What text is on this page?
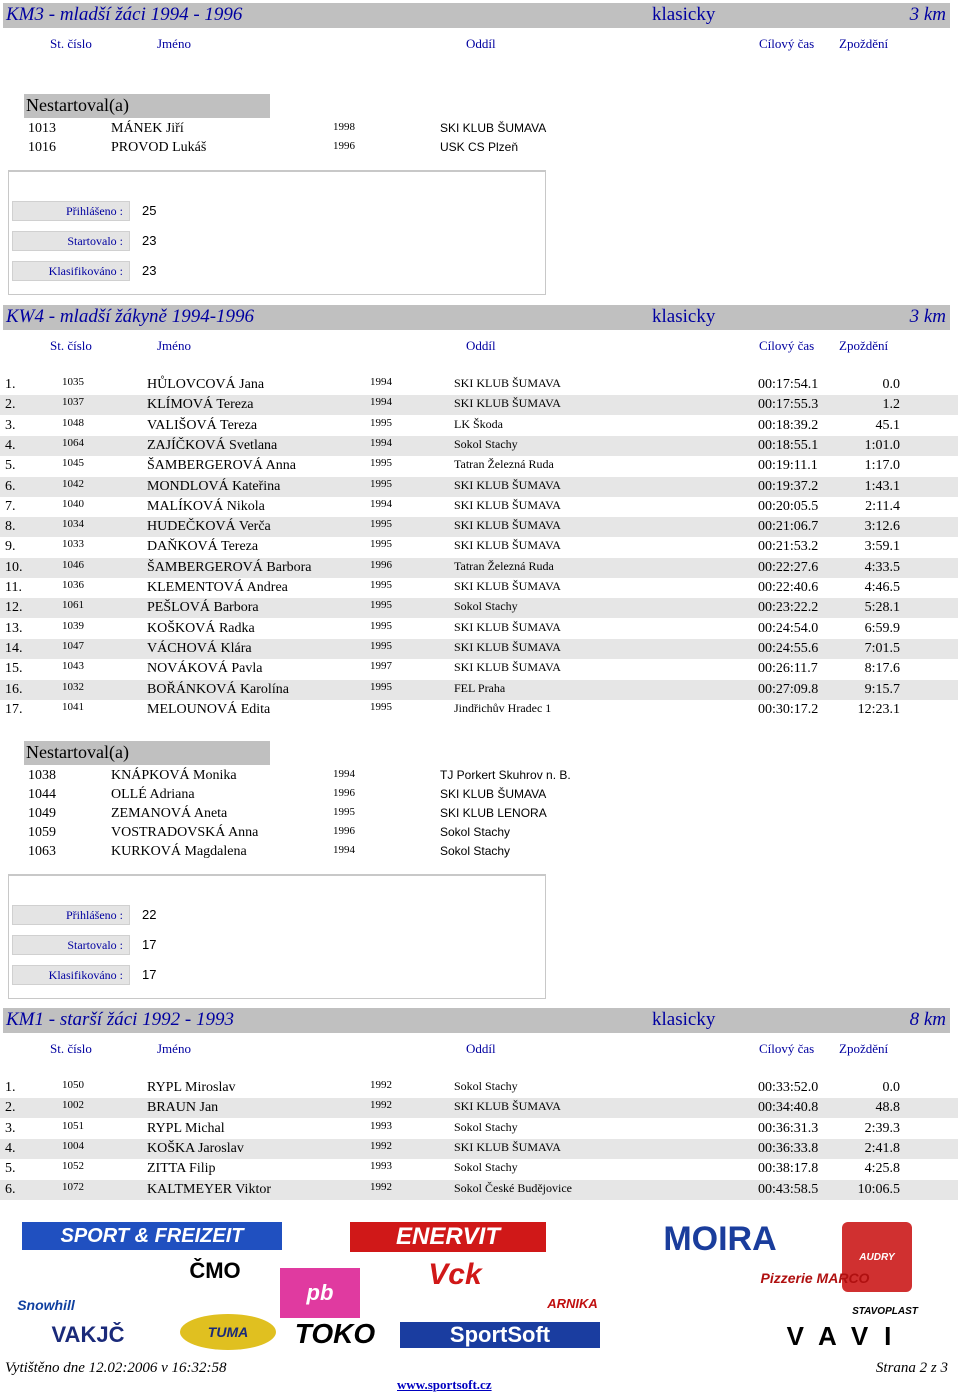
KM3 - mladší žáci 1994 - 1996	klasicky	3 km
St. číslo	Jméno	Oddíl	Cílový čas Zpoždění
Nestartoval(a)
1013	MÁNEK Jiří	1998	SKI KLUB ŠUMAVA
1016	PROVOD Lukáš	1996	USK CS Plzeň
Přihlášeno :	25
Startovalo :	23
Klasifikováno :	23
KW4 - mladší žákyně 1994-1996	klasicky	3 km
St. číslo	Jméno	Oddíl	Cílový čas Zpoždění
1.	1035	HŮLOVCOVÁ Jana	1994	SKI KLUB ŠUMAVA	00:17:54.1	0.0
2.	1037	KLÍMOVÁ Tereza	1994	SKI KLUB ŠUMAVA	00:17:55.3	1.2
3.	1048	VALIŠOVÁ Tereza	1995	LK Škoda	00:18:39.2	45.1
4.	1064	ZAJÍČKOVÁ Svetlana	1994	Sokol Stachy	00:18:55.1	1:01.0
5.	1045	ŠAMBERGEROVÁ Anna	1995	Tatran Železná Ruda	00:19:11.1	1:17.0
6.	1042	MONDLOVÁ Kateřina	1995	SKI KLUB ŠUMAVA	00:19:37.2	1:43.1
7.	1040	MALÍKOVÁ Nikola	1994	SKI KLUB ŠUMAVA	00:20:05.5	2:11.4
8.	1034	HUDEČKOVÁ Verča	1995	SKI KLUB ŠUMAVA	00:21:06.7	3:12.6
9.	1033	DAŇKOVÁ Tereza	1995	SKI KLUB ŠUMAVA	00:21:53.2	3:59.1
10.	1046	ŠAMBERGEROVÁ Barbora	1996	Tatran Železná Ruda	00:22:27.6	4:33.5
11.	1036	KLEMENTOVÁ Andrea	1995	SKI KLUB ŠUMAVA	00:22:40.6	4:46.5
12.	1061	PEŠLOVÁ Barbora	1995	Sokol Stachy	00:23:22.2	5:28.1
13.	1039	KOŠKOVÁ Radka	1995	SKI KLUB ŠUMAVA	00:24:54.0	6:59.9
14.	1047	VÁCHOVÁ Klára	1995	SKI KLUB ŠUMAVA	00:24:55.6	7:01.5
15.	1043	NOVÁKOVÁ Pavla	1997	SKI KLUB ŠUMAVA	00:26:11.7	8:17.6
16.	1032	BOŘÁNKOVÁ Karolína	1995	FEL Praha	00:27:09.8	9:15.7
17.	1041	MELOUNOVÁ Edita	1995	Jindřichův Hradec 1	00:30:17.2	12:23.1
Nestartoval(a)
1038	KNÁPKOVÁ Monika	1994	TJ Porkert Skuhrov n. B.
1044	OLLÉ Adriana	1996	SKI KLUB ŠUMAVA
1049	ZEMANOVÁ Aneta	1995	SKI KLUB LENORA
1059	VOSTRADOVSKÁ Anna	1996	Sokol Stachy
1063	KURKOVÁ Magdalena	1994	Sokol Stachy
Přihlášeno :	22
Startovalo :	17
Klasifikováno :	17
KM1 - starší žáci 1992 - 1993	klasicky	8 km
St. číslo	Jméno	Oddíl	Cílový čas Zpoždění
1.	1050	RYPL Miroslav	1992	Sokol Stachy	00:33:52.0	0.0
2.	1002	BRAUN Jan	1992	SKI KLUB ŠUMAVA	00:34:40.8	48.8
3.	1051	RYPL Michal	1993	Sokol Stachy	00:36:31.3	2:39.3
4.	1004	KOŠKA Jaroslav	1992	SKI KLUB ŠUMAVA	00:36:33.8	2:41.8
5.	1052	ZITTA Filip	1993	Sokol Stachy	00:38:17.8	4:25.8
6.	1072	KALTMEYER Viktor	1992	Sokol České Budějovice	00:43:58.5	10:06.5
SPORT & FREIZEIT	ENERVIT	MOIRA	AUDRY
ČMO
pb
Vck	Pizzerie MARCO
Snowhill	ARNIKA
STAVOPLAST
VAKJČ	TUMA	TOKO	SportSoft	VAVI
Vytištěno dne 12.02:2006 v 16:32:58	Strana 2 z 3
www.sportsoft.cz
